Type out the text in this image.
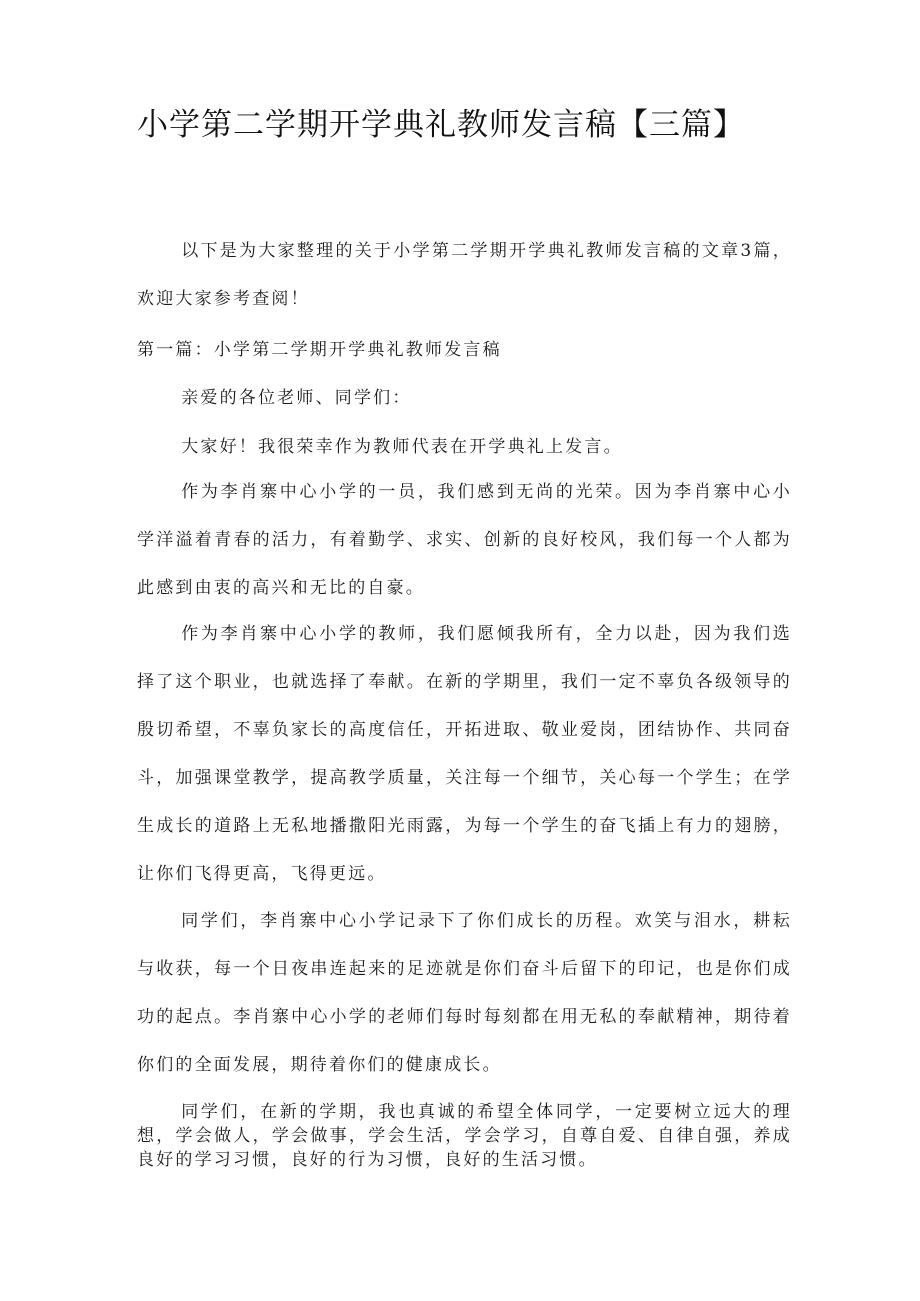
小学第二学期开学典礼教师发言稿【三篇】

以下是为大家整理的关于小学第二学期开学典礼教师发言稿的文章3篇，欢迎大家参考查阅！

第一篇：小学第二学期开学典礼教师发言稿

亲爱的各位老师、同学们：

大家好！我很荣幸作为教师代表在开学典礼上发言。

作为李肖寨中心小学的一员，我们感到无尚的光荣。因为李肖寨中心小学洋溢着青春的活力，有着勤学、求实、创新的良好校风，我们每一个人都为此感到由衷的高兴和无比的自豪。

作为李肖寨中心小学的教师，我们愿倾我所有，全力以赴，因为我们选择了这个职业，也就选择了奉献。在新的学期里，我们一定不辜负各级领导的殷切希望，不辜负家长的高度信任，开拓进取、敬业爱岗，团结协作、共同奋斗，加强课堂教学，提高教学质量，关注每一个细节，关心每一个学生；在学生成长的道路上无私地播撒阳光雨露，为每一个学生的奋飞插上有力的翅膀，让你们飞得更高，飞得更远。

同学们，李肖寨中心小学记录下了你们成长的历程。欢笑与泪水，耕耘与收获，每一个日夜串连起来的足迹就是你们奋斗后留下的印记，也是你们成功的起点。李肖寨中心小学的老师们每时每刻都在用无私的奉献精神，期待着你们的全面发展，期待着你们的健康成长。

同学们，在新的学期，我也真诚的希望全体同学，一定要树立远大的理想，学会做人，学会做事，学会生活，学会学习，自尊自爱、自律自强，养成良好的学习习惯，良好的行为习惯，良好的生活习惯。
